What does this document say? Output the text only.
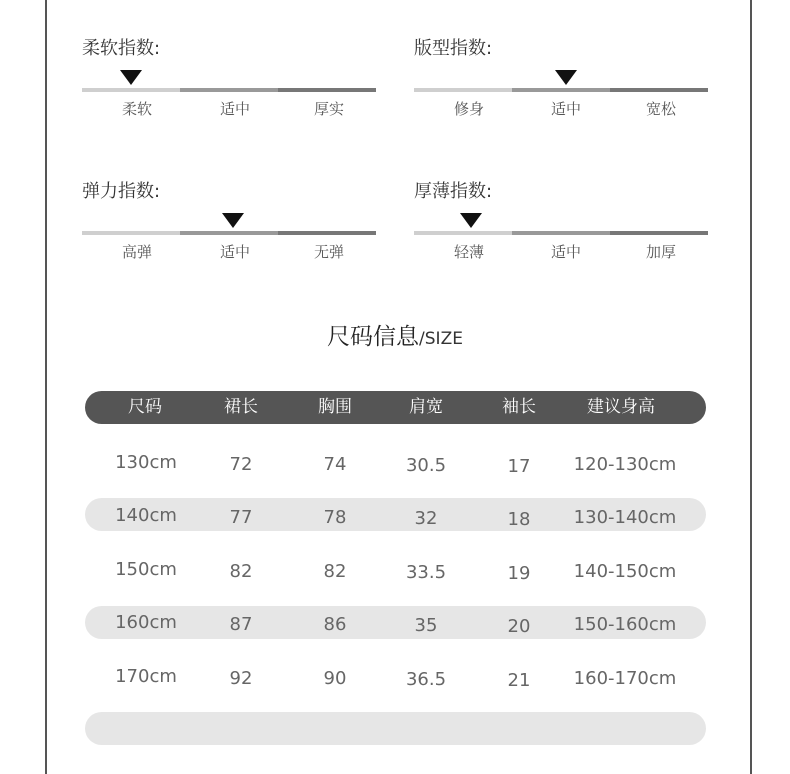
柔软指数:
柔软	适中	厚实
版型指数:
修身	适中	宽松
弹力指数:
高弹	适中	无弹
厚薄指数:
轻薄	适中	加厚
尺码信息/SIZE
尺码	裙长	胸围	肩宽	袖长	建议身高
130cm	72	74	30.5	17	120-130cm
140cm	77	78	32	18	130-140cm
150cm	82	82	33.5	19	140-150cm
160cm	87	86	35	20	150-160cm
170cm	92	90	36.5	21	160-170cm
